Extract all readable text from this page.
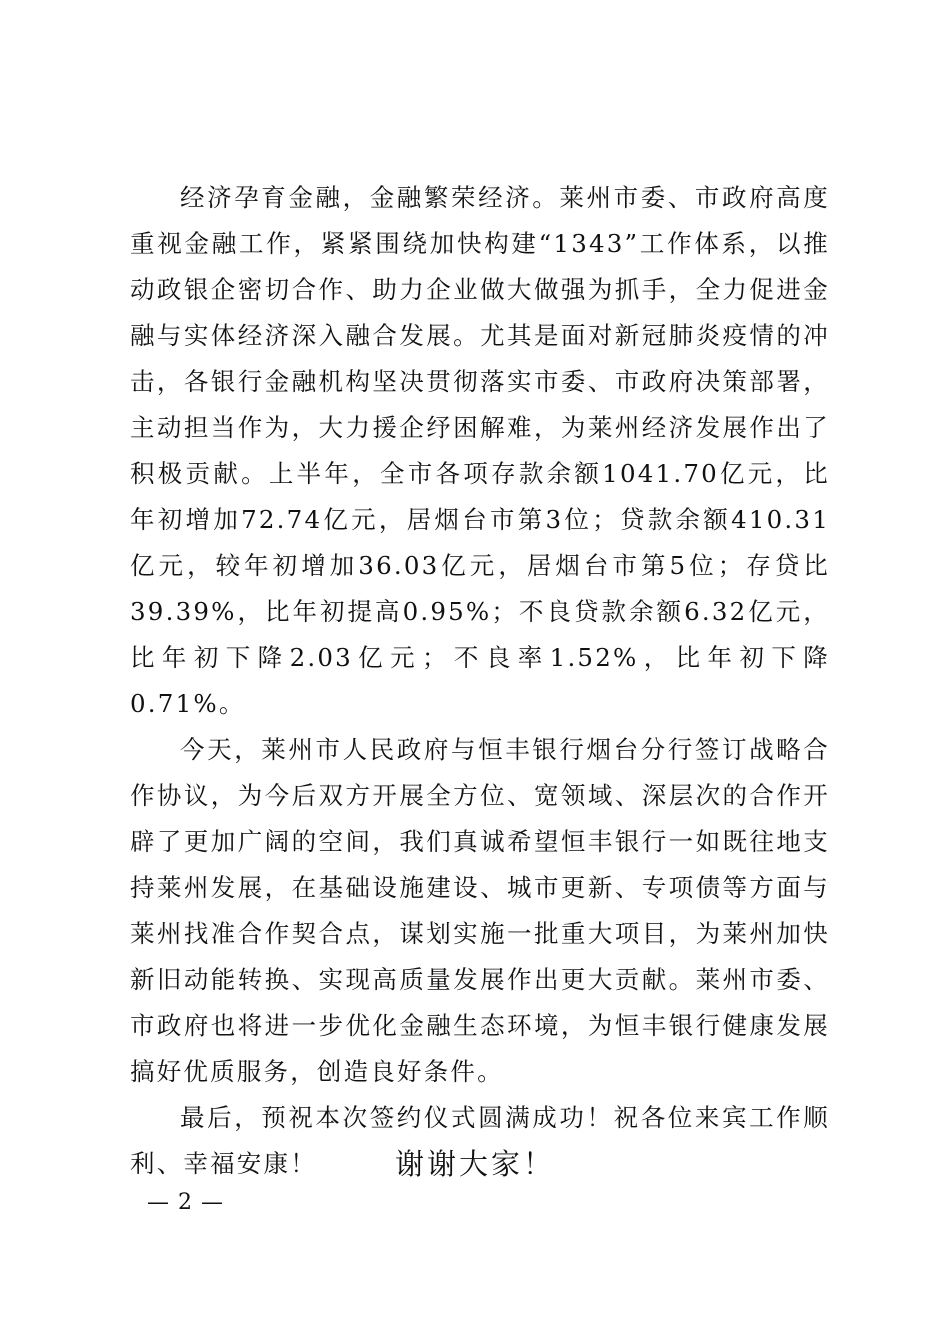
经济孕育金融，金融繁荣经济。莱州市委、市政府高度重视金融工作，紧紧围绕加快构建“1343”工作体系，以推动政银企密切合作、助力企业做大做强为抓手，全力促进金融与实体经济深入融合发展。尤其是面对新冠肺炎疫情的冲击，各银行金融机构坚决贯彻落实市委、市政府决策部署，主动担当作为，大力援企纾困解难，为莱州经济发展作出了积极贡献。上半年，全市各项存款余额1041.70亿元，比年初增加72.74亿元，居烟台市第3位；贷款余额410.31亿元，较年初增加36.03亿元，居烟台市第5位；存贷比39.39%，比年初提高0.95%；不良贷款余额6.32亿元，比年初下降2.03亿元；不良率1.52%，比年初下降0.71%。

今天，莱州市人民政府与恒丰银行烟台分行签订战略合作协议，为今后双方开展全方位、宽领域、深层次的合作开辟了更加广阔的空间，我们真诚希望恒丰银行一如既往地支持莱州发展，在基础设施建设、城市更新、专项债等方面与莱州找准合作契合点，谋划实施一批重大项目，为莱州加快新旧动能转换、实现高质量发展作出更大贡献。莱州市委、市政府也将进一步优化金融生态环境，为恒丰银行健康发展搞好优质服务，创造良好条件。

最后，预祝本次签约仪式圆满成功！祝各位来宾工作顺利、幸福安康！	谢谢大家！

— 2 —
